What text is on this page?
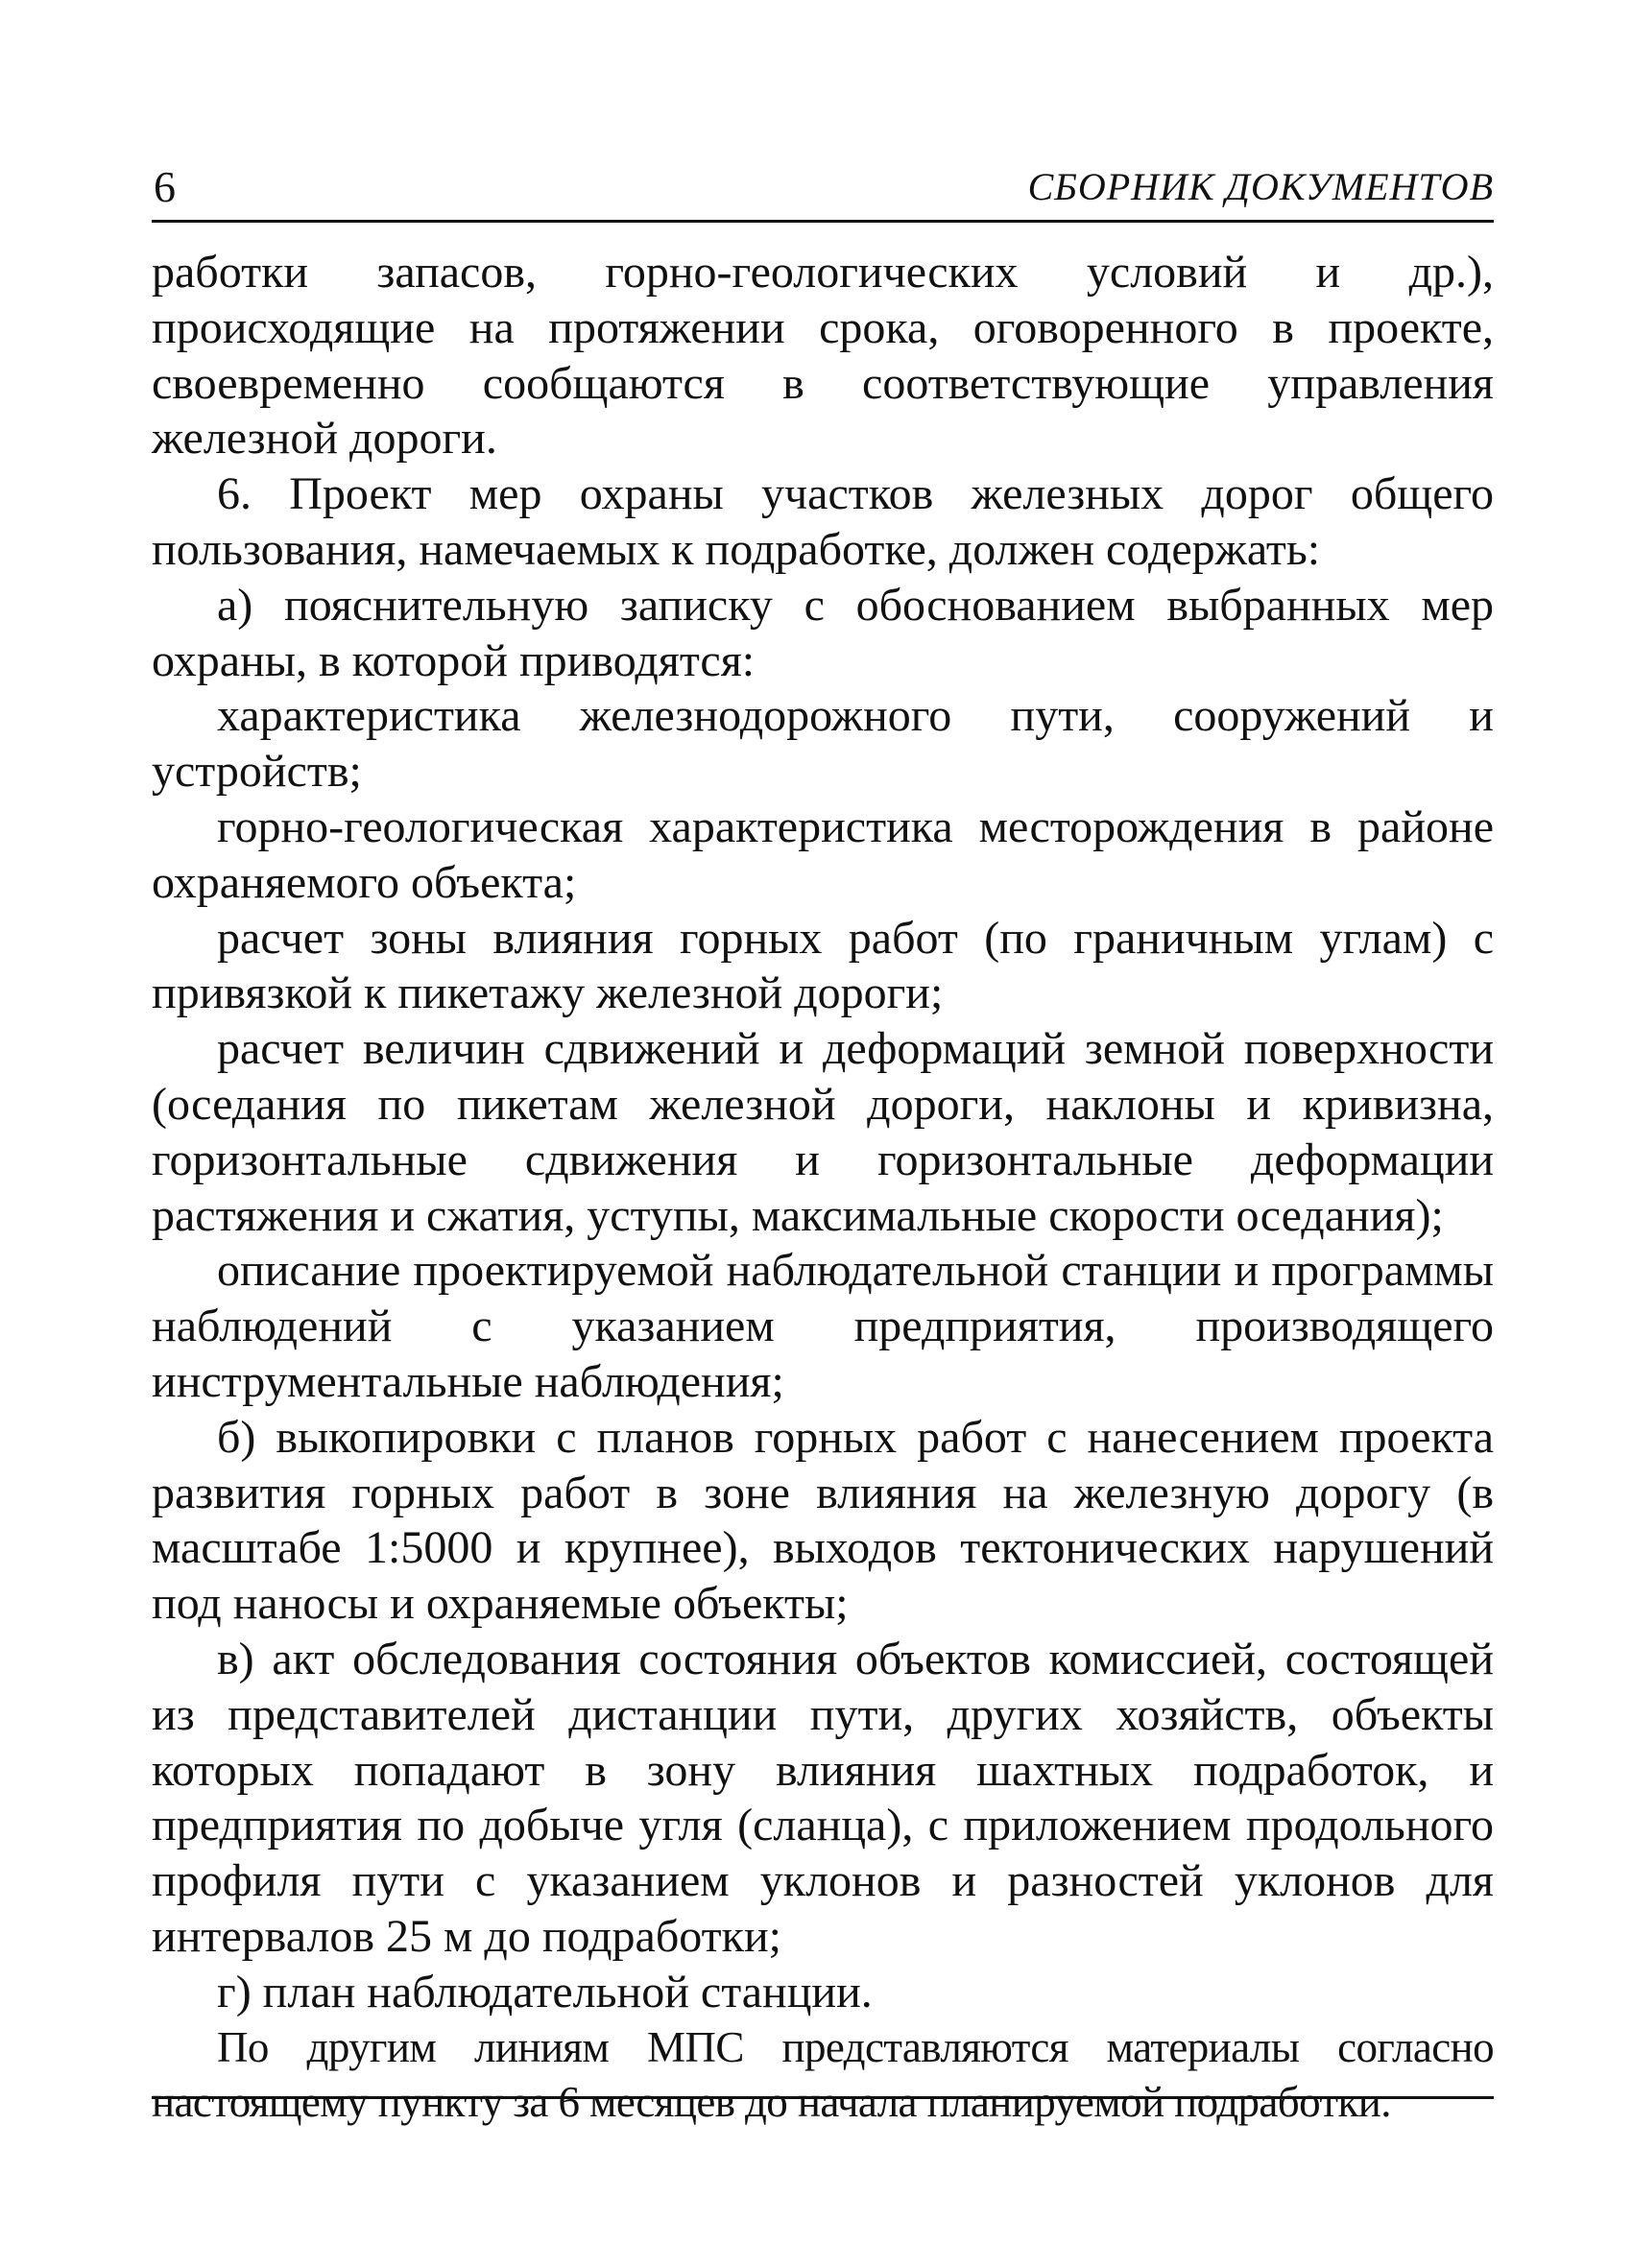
6	СБОРНИК ДОКУМЕНТОВ

работки запасов, горно-геологических условий и др.), происходящие на протяжении срока, оговоренного в проекте, своевременно сообщаются в соответствующие управления железной дороги.

6. Проект мер охраны участков железных дорог общего пользования, намечаемых к подработке, должен содержать:

а) пояснительную записку с обоснованием выбранных мер охраны, в которой приводятся:

характеристика железнодорожного пути, сооружений и устройств;

горно-геологическая характеристика месторождения в районе охраняемого объекта;

расчет зоны влияния горных работ (по граничным углам) с привязкой к пикетажу железной дороги;

расчет величин сдвижений и деформаций земной поверхности (оседания по пикетам железной дороги, наклоны и кривизна, горизонтальные сдвижения и горизонтальные деформации растяжения и сжатия, уступы, максимальные скорости оседания);

описание проектируемой наблюдательной станции и программы наблюдений с указанием предприятия, производящего инструментальные наблюдения;

б) выкопировки с планов горных работ с нанесением проекта развития горных работ в зоне влияния на железную дорогу (в масштабе 1:5000 и крупнее), выходов тектонических нарушений под наносы и охраняемые объекты;

в) акт обследования состояния объектов комиссией, состоящей из представителей дистанции пути, других хозяйств, объекты которых попадают в зону влияния шахтных подработок, и предприятия по добыче угля (сланца), с приложением продольного профиля пути с указанием уклонов и разностей уклонов для интервалов 25 м до подработки;

г) план наблюдательной станции.

По другим линиям МПС представляются материалы согласно настоящему пункту за 6 месяцев до начала планируемой подработки.
